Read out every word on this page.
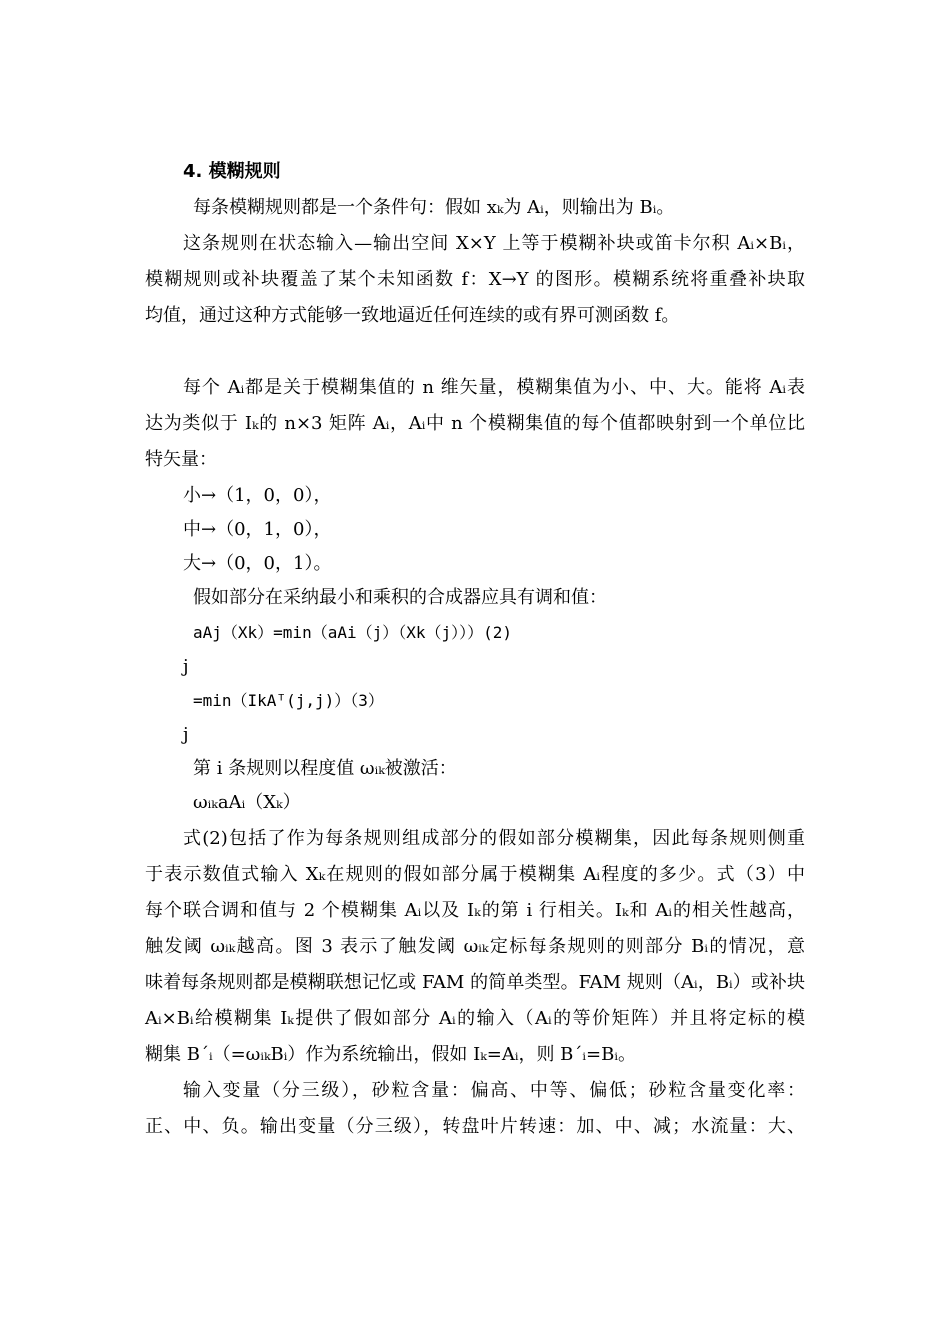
4. 模糊规则
每条模糊规则都是一个条件句：假如 xₖ为 Aᵢ，则输出为 Bᵢ。
这条规则在状态输入—输出空间 X×Y 上等于模糊补块或笛卡尔积 Aᵢ×Bᵢ，
模糊规则或补块覆盖了某个未知函数 f：X→Y 的图形。模糊系统将重叠补块取
均值，通过这种方式能够一致地逼近任何连续的或有界可测函数 f。
每个 Aᵢ都是关于模糊集值的 n 维矢量，模糊集值为小、中、大。能将 Aᵢ表
达为类似于 Iₖ的 n×3 矩阵 Aᵢ，Aᵢ中 n 个模糊集值的每个值都映射到一个单位比
特矢量：
小→（1，0，0），
中→（0，1，0），
大→（0，0，1）。
假如部分在采纳最小和乘积的合成器应具有调和值：
aAj（Xk）=min（aAi（j）（Xk（j）））(2)
j
=min（IkAᵀ(j,j)）（3）
j
第 i 条规则以程度值 ωᵢₖ被激活：
ωᵢₖaAᵢ（Xₖ）
式(2)包括了作为每条规则组成部分的假如部分模糊集，因此每条规则侧重
于表示数值式输入 Xₖ在规则的假如部分属于模糊集 Aᵢ程度的多少。式（3）中
每个联合调和值与 2 个模糊集 Aᵢ以及 Iₖ的第 i 行相关。Iₖ和 Aᵢ的相关性越高，
触发阈 ωᵢₖ越高。图 3 表示了触发阈 ωᵢₖ定标每条规则的则部分 Bᵢ的情况，意
味着每条规则都是模糊联想记忆或 FAM 的简单类型。FAM 规则（Aᵢ，Bᵢ）或补块
Aᵢ×Bᵢ给模糊集 Iₖ提供了假如部分 Aᵢ的输入（Aᵢ的等价矩阵）并且将定标的模
糊集 B´ᵢ（=ωᵢₖBᵢ）作为系统输出，假如 Iₖ=Aᵢ，则 B´ᵢ=Bᵢ。
输入变量（分三级），砂粒含量：偏高、中等、偏低；砂粒含量变化率：
正、中、负。输出变量（分三级），转盘叶片转速：加、中、减；水流量：大、
